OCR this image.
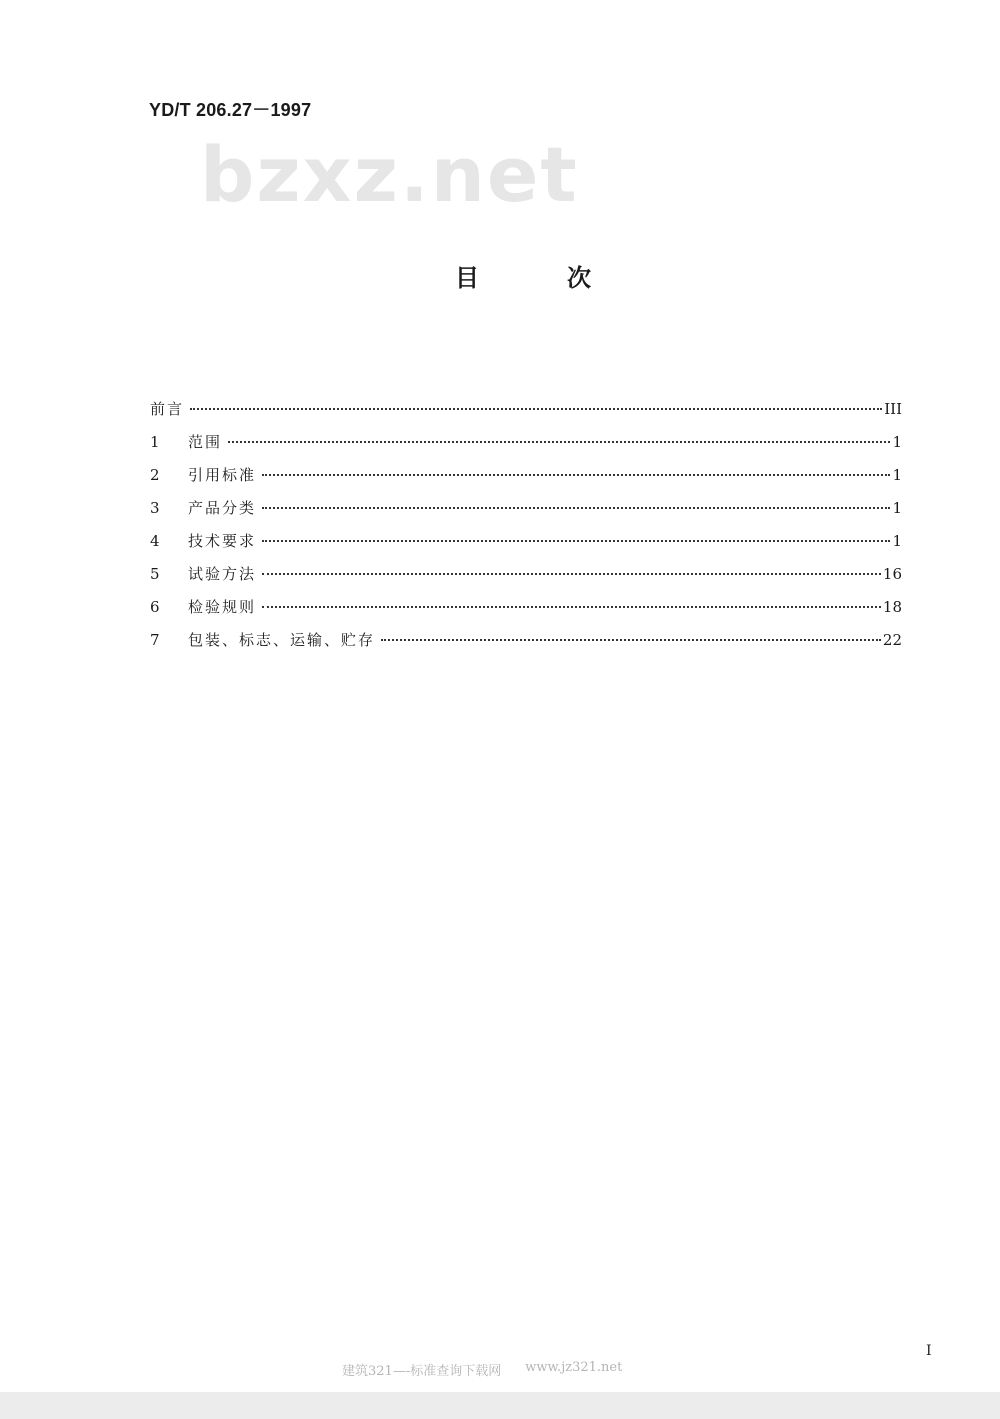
YD/T 206.27－1997
bzxz.net
目	次
前言	III
1	范围	1
2	引用标准	1
3	产品分类	1
4	技术要求	1
5	试验方法	16
6	检验规则	18
7	包装、标志、运输、贮存	22
I
建筑321—-标准查询下载网 www.jz321.net
